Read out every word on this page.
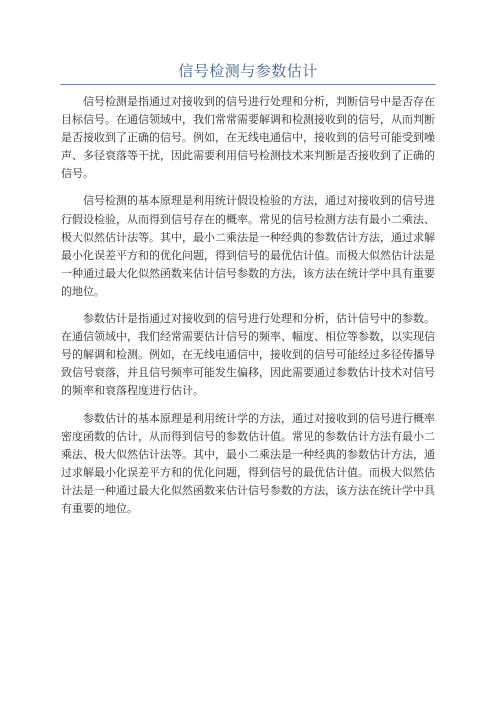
信号检测与参数估计

信号检测是指通过对接收到的信号进行处理和分析，判断信号中是否存在目标信号。在通信领域中，我们常常需要解调和检测接收到的信号，从而判断是否接收到了正确的信号。例如，在无线电通信中，接收到的信号可能受到噪声、多径衰落等干扰，因此需要利用信号检测技术来判断是否接收到了正确的信号。

信号检测的基本原理是利用统计假设检验的方法，通过对接收到的信号进行假设检验，从而得到信号存在的概率。常见的信号检测方法有最小二乘法、极大似然估计法等。其中，最小二乘法是一种经典的参数估计方法，通过求解最小化误差平方和的优化问题，得到信号的最优估计值。而极大似然估计法是一种通过最大化似然函数来估计信号参数的方法，该方法在统计学中具有重要的地位。

参数估计是指通过对接收到的信号进行处理和分析，估计信号中的参数。在通信领域中，我们经常需要估计信号的频率、幅度、相位等参数，以实现信号的解调和检测。例如，在无线电通信中，接收到的信号可能经过多径传播导致信号衰落，并且信号频率可能发生偏移，因此需要通过参数估计技术对信号的频率和衰落程度进行估计。

参数估计的基本原理是利用统计学的方法，通过对接收到的信号进行概率密度函数的估计，从而得到信号的参数估计值。常见的参数估计方法有最小二乘法、极大似然估计法等。其中，最小二乘法是一种经典的参数估计方法，通过求解最小化误差平方和的优化问题，得到信号的最优估计值。而极大似然估计法是一种通过最大化似然函数来估计信号参数的方法，该方法在统计学中具有重要的地位。
